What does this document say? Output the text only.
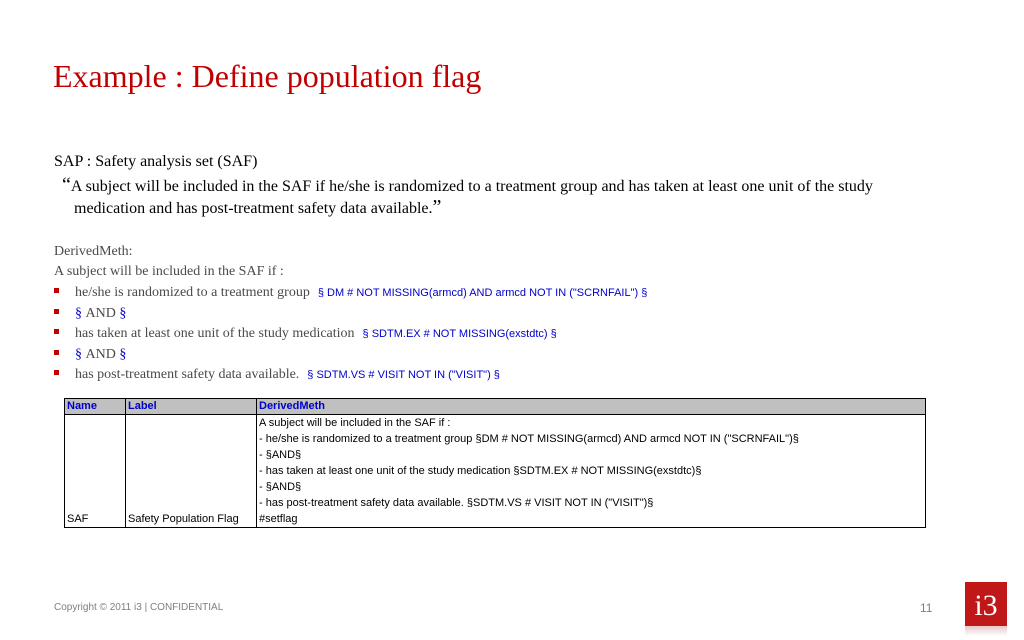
Example : Define population flag
SAP : Safety analysis set (SAF)
“A subject will be included in the SAF if he/she is randomized to a treatment group and has taken at least one unit of the study medication and has post-treatment safety data available.”
DerivedMeth:
A subject will be included in the SAF if :
he/she is randomized to a treatment group § DM # NOT MISSING(armcd) AND armcd NOT IN ("SCRNFAIL") §
§
AND
§
has taken at least one unit of the study medication § SDTM.EX # NOT MISSING(exstdtc) §
§
AND
§
has post-treatment safety data available. § SDTM.VS # VISIT NOT IN ("VISIT") §
Name	Label	DerivedMeth
		A subject will be included in the SAF if :
		- he/she is randomized to a treatment group §DM # NOT MISSING(armcd) AND armcd NOT IN ("SCRNFAIL")§
		- §AND§
		- has taken at least one unit of the study medication §SDTM.EX # NOT MISSING(exstdtc)§
		- §AND§
		- has post-treatment safety data available. §SDTM.VS # VISIT NOT IN ("VISIT")§
SAF	Safety Population Flag	#setflag
Copyright © 2011 i3 | CONFIDENTIAL	11 i3
